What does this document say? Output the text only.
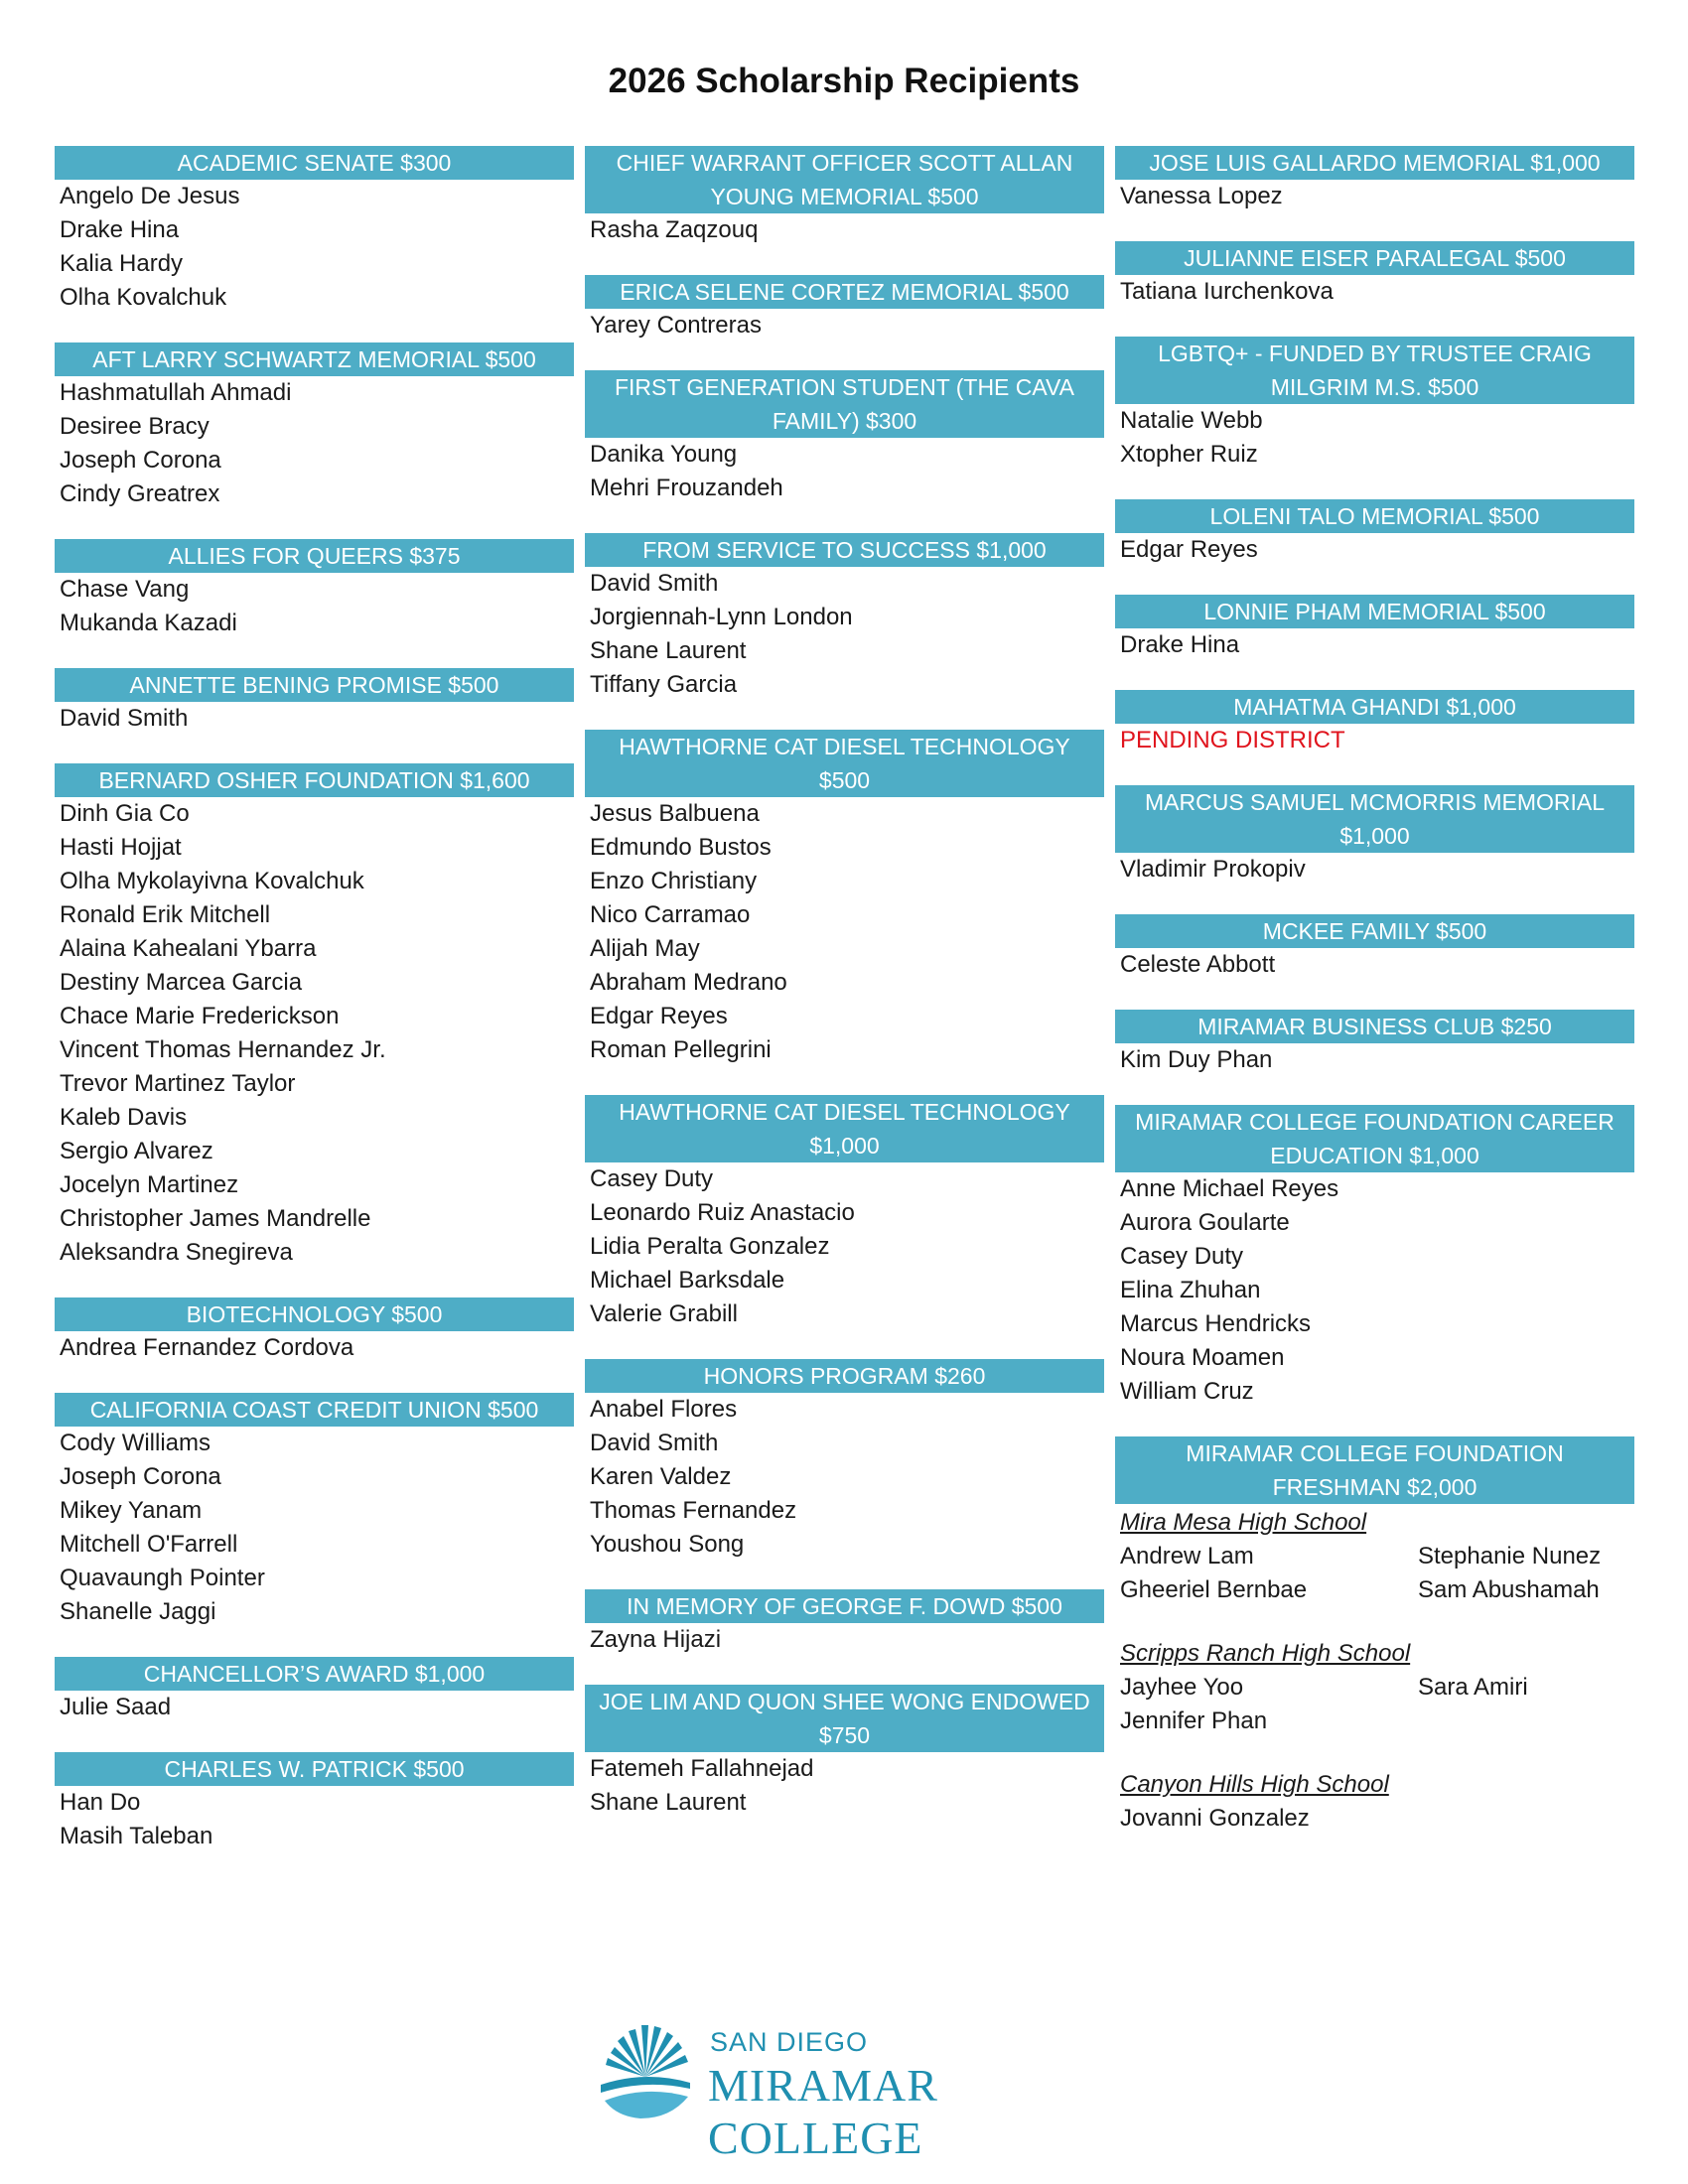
2026 Scholarship Recipients
ACADEMIC SENATE $300
Angelo De Jesus
Drake Hina
Kalia Hardy
Olha Kovalchuk
AFT LARRY SCHWARTZ MEMORIAL $500
Hashmatullah Ahmadi
Desiree Bracy
Joseph Corona
Cindy Greatrex
ALLIES FOR QUEERS $375
Chase Vang
Mukanda Kazadi
ANNETTE BENING PROMISE $500
David Smith
BERNARD OSHER FOUNDATION $1,600
Dinh Gia Co
Hasti Hojjat
Olha Mykolayivna Kovalchuk
Ronald Erik Mitchell
Alaina Kahealani Ybarra
Destiny Marcea Garcia
Chace Marie Frederickson
Vincent Thomas Hernandez Jr.
Trevor Martinez Taylor
Kaleb Davis
Sergio Alvarez
Jocelyn Martinez
Christopher James Mandrelle
Aleksandra Snegireva
BIOTECHNOLOGY $500
Andrea Fernandez Cordova
CALIFORNIA COAST CREDIT UNION $500
Cody Williams
Joseph Corona
Mikey Yanam
Mitchell O'Farrell
Quavaungh Pointer
Shanelle Jaggi
CHANCELLOR’S AWARD $1,000
Julie Saad
CHARLES W. PATRICK $500
Han Do
Masih Taleban
CHIEF WARRANT OFFICER SCOTT ALLAN YOUNG MEMORIAL $500
Rasha Zaqzouq
ERICA SELENE CORTEZ MEMORIAL $500
Yarey Contreras
FIRST GENERATION STUDENT (THE CAVA FAMILY) $300
Danika Young
Mehri Frouzandeh
FROM SERVICE TO SUCCESS $1,000
David Smith
Jorgiennah-Lynn London
Shane Laurent
Tiffany Garcia
HAWTHORNE CAT DIESEL TECHNOLOGY $500
Jesus Balbuena
Edmundo Bustos
Enzo Christiany
Nico Carramao
Alijah May
Abraham Medrano
Edgar Reyes
Roman Pellegrini
HAWTHORNE CAT DIESEL TECHNOLOGY $1,000
Casey Duty
Leonardo Ruiz Anastacio
Lidia Peralta Gonzalez
Michael Barksdale
Valerie Grabill
HONORS PROGRAM $260
Anabel Flores
David Smith
Karen Valdez
Thomas Fernandez
Youshou Song
IN MEMORY OF GEORGE F. DOWD $500
Zayna Hijazi
JOE LIM AND QUON SHEE WONG ENDOWED $750
Fatemeh Fallahnejad
Shane Laurent
JOSE LUIS GALLARDO MEMORIAL $1,000
Vanessa Lopez
JULIANNE EISER PARALEGAL $500
Tatiana Iurchenkova
LGBTQ+ - FUNDED BY TRUSTEE CRAIG MILGRIM M.S. $500
Natalie Webb
Xtopher Ruiz
LOLENI TALO MEMORIAL $500
Edgar Reyes
LONNIE PHAM MEMORIAL $500
Drake Hina
MAHATMA GHANDI $1,000
PENDING DISTRICT
MARCUS SAMUEL MCMORRIS MEMORIAL $1,000
Vladimir Prokopiv
MCKEE FAMILY $500
Celeste Abbott
MIRAMAR BUSINESS CLUB $250
Kim Duy Phan
MIRAMAR COLLEGE FOUNDATION CAREER EDUCATION $1,000
Anne Michael Reyes
Aurora Goularte
Casey Duty
Elina Zhuhan
Marcus Hendricks
Noura Moamen
William Cruz
MIRAMAR COLLEGE FOUNDATION FRESHMAN $2,000
Mira Mesa High School
Andrew Lam	Stephanie Nunez
Gheeriel Bernbae	Sam Abushamah
Scripps Ranch High School
Jayhee Yoo	Sara Amiri
Jennifer Phan
Canyon Hills High School
Jovanni Gonzalez
SAN DIEGO
MIRAMAR COLLEGE
